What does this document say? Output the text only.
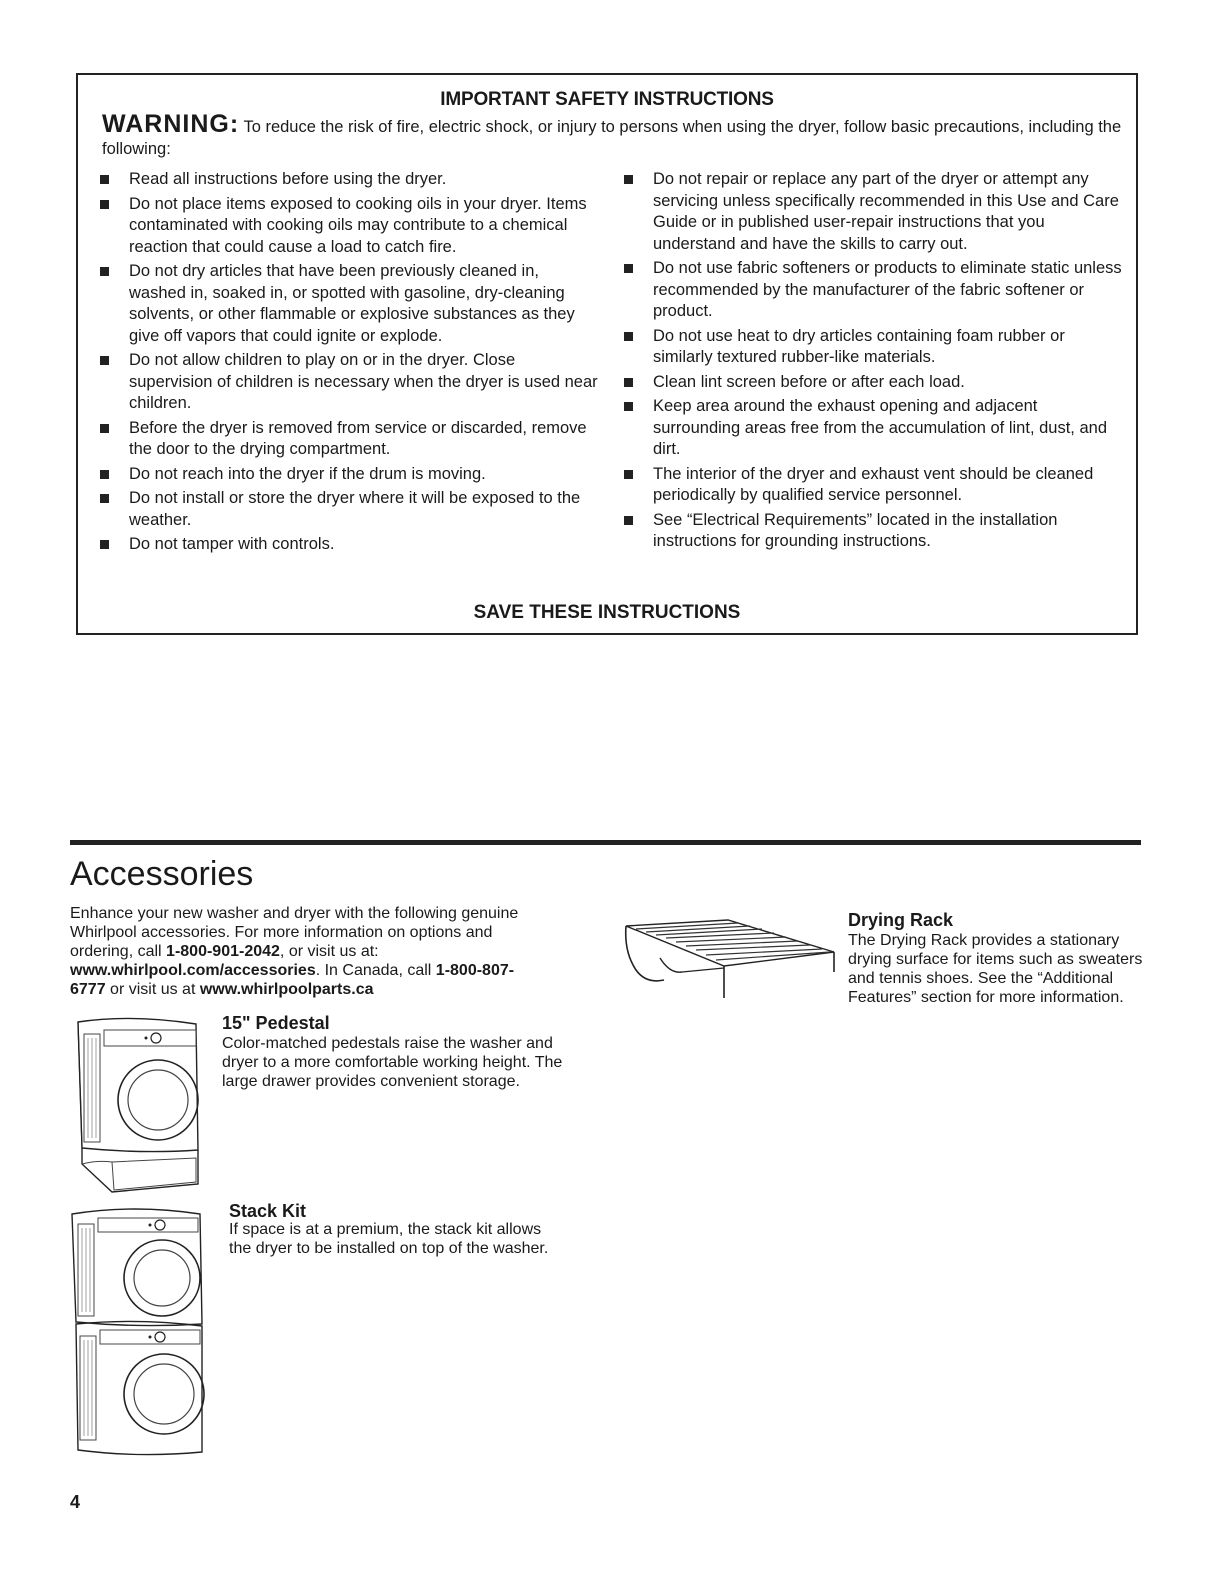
IMPORTANT SAFETY INSTRUCTIONS
WARNING: To reduce the risk of fire, electric shock, or injury to persons when using the dryer, follow basic precautions, including the following:
Read all instructions before using the dryer.
Do not place items exposed to cooking oils in your dryer. Items contaminated with cooking oils may contribute to a chemical reaction that could cause a load to catch fire.
Do not dry articles that have been previously cleaned in, washed in, soaked in, or spotted with gasoline, dry-cleaning solvents, or other flammable or explosive substances as they give off vapors that could ignite or explode.
Do not allow children to play on or in the dryer. Close supervision of children is necessary when the dryer is used near children.
Before the dryer is removed from service or discarded, remove the door to the drying compartment.
Do not reach into the dryer if the drum is moving.
Do not install or store the dryer where it will be exposed to the weather.
Do not tamper with controls.
Do not repair or replace any part of the dryer or attempt any servicing unless specifically recommended in this Use and Care Guide or in published user-repair instructions that you understand and have the skills to carry out.
Do not use fabric softeners or products to eliminate static unless recommended by the manufacturer of the fabric softener or product.
Do not use heat to dry articles containing foam rubber or similarly textured rubber-like materials.
Clean lint screen before or after each load.
Keep area around the exhaust opening and adjacent surrounding areas free from the accumulation of lint, dust, and dirt.
The interior of the dryer and exhaust vent should be cleaned periodically by qualified service personnel.
See “Electrical Requirements” located in the installation instructions for grounding instructions.
SAVE THESE INSTRUCTIONS
Accessories
Enhance your new washer and dryer with the following genuine Whirlpool accessories. For more information on options and ordering, call 1-800-901-2042, or visit us at: www.whirlpool.com/accessories. In Canada, call 1-800-807-6777 or visit us at www.whirlpoolparts.ca
15" Pedestal
Color-matched pedestals raise the washer and dryer to a more comfortable working height. The large drawer provides convenient storage.
Stack Kit
If space is at a premium, the stack kit allows the dryer to be installed on top of the washer.
Drying Rack
The Drying Rack provides a stationary drying surface for items such as sweaters and tennis shoes. See the “Additional Features” section for more information.
4
